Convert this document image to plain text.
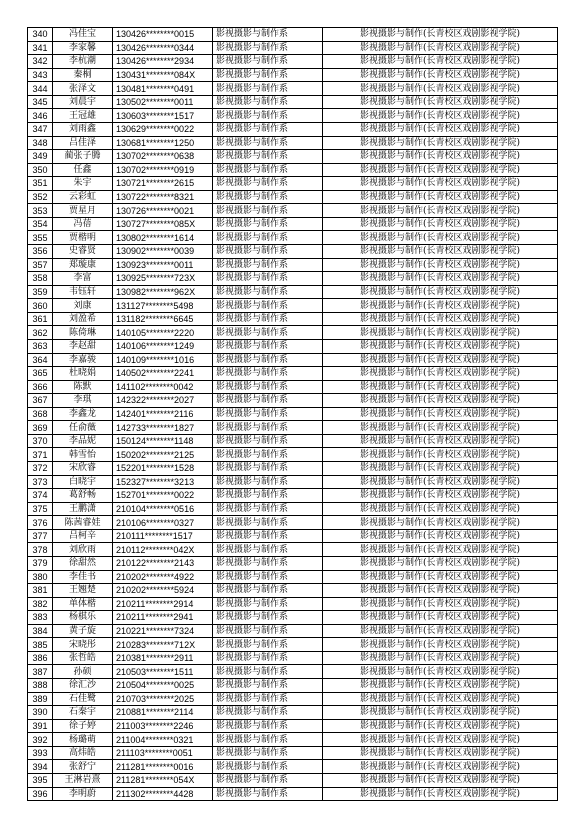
340	冯佳宝	130426********0015	影视摄影与制作系	影视摄影与制作(长青校区戏剧影视学院)
341	李家馨	130426********0344	影视摄影与制作系	影视摄影与制作(长青校区戏剧影视学院)
342	李杭潮	130426********2934	影视摄影与制作系	影视摄影与制作(长青校区戏剧影视学院)
343	秦桐	130431********084X	影视摄影与制作系	影视摄影与制作(长青校区戏剧影视学院)
344	张泽文	130481********0491	影视摄影与制作系	影视摄影与制作(长青校区戏剧影视学院)
345	刘晨宇	130502********0011	影视摄影与制作系	影视摄影与制作(长青校区戏剧影视学院)
346	王冠雄	130603********1517	影视摄影与制作系	影视摄影与制作(长青校区戏剧影视学院)
347	刘雨鑫	130629********0022	影视摄影与制作系	影视摄影与制作(长青校区戏剧影视学院)
348	吕佳泽	130681********1250	影视摄影与制作系	影视摄影与制作(长青校区戏剧影视学院)
349	蔺张子腾	130702********0638	影视摄影与制作系	影视摄影与制作(长青校区戏剧影视学院)
350	任鑫	130702********0919	影视摄影与制作系	影视摄影与制作(长青校区戏剧影视学院)
351	朱宇	130721********2615	影视摄影与制作系	影视摄影与制作(长青校区戏剧影视学院)
352	云彩虹	130722********8321	影视摄影与制作系	影视摄影与制作(长青校区戏剧影视学院)
353	贾星月	130726********0021	影视摄影与制作系	影视摄影与制作(长青校区戏剧影视学院)
354	冯蓓	130727********085X	影视摄影与制作系	影视摄影与制作(长青校区戏剧影视学院)
355	贾楷明	130802********1614	影视摄影与制作系	影视摄影与制作(长青校区戏剧影视学院)
356	史睿贤	130902********0039	影视摄影与制作系	影视摄影与制作(长青校区戏剧影视学院)
357	郑璇康	130923********0011	影视摄影与制作系	影视摄影与制作(长青校区戏剧影视学院)
358	李富	130925********723X	影视摄影与制作系	影视摄影与制作(长青校区戏剧影视学院)
359	韦钰轩	130982********962X	影视摄影与制作系	影视摄影与制作(长青校区戏剧影视学院)
360	刘康	131127********5498	影视摄影与制作系	影视摄影与制作(长青校区戏剧影视学院)
361	刘盈希	131182********6645	影视摄影与制作系	影视摄影与制作(长青校区戏剧影视学院)
362	陈倚琳	140105********2220	影视摄影与制作系	影视摄影与制作(长青校区戏剧影视学院)
363	李赵甜	140106********1249	影视摄影与制作系	影视摄影与制作(长青校区戏剧影视学院)
364	李嘉骏	140109********1016	影视摄影与制作系	影视摄影与制作(长青校区戏剧影视学院)
365	杜晓娟	140502********2241	影视摄影与制作系	影视摄影与制作(长青校区戏剧影视学院)
366	陈默	141102********0042	影视摄影与制作系	影视摄影与制作(长青校区戏剧影视学院)
367	李琪	142322********2027	影视摄影与制作系	影视摄影与制作(长青校区戏剧影视学院)
368	李鑫龙	142401********2116	影视摄影与制作系	影视摄影与制作(长青校区戏剧影视学院)
369	任俞薇	142733********1827	影视摄影与制作系	影视摄影与制作(长青校区戏剧影视学院)
370	李品妮	150124********1148	影视摄影与制作系	影视摄影与制作(长青校区戏剧影视学院)
371	韩雪怡	150202********2125	影视摄影与制作系	影视摄影与制作(长青校区戏剧影视学院)
372	宋欣睿	152201********1528	影视摄影与制作系	影视摄影与制作(长青校区戏剧影视学院)
373	白晓宇	152327********3213	影视摄影与制作系	影视摄影与制作(长青校区戏剧影视学院)
374	葛舒畅	152701********0022	影视摄影与制作系	影视摄影与制作(长青校区戏剧影视学院)
375	王鹏潇	210104********0516	影视摄影与制作系	影视摄影与制作(长青校区戏剧影视学院)
376	陈茜睿娃	210106********0327	影视摄影与制作系	影视摄影与制作(长青校区戏剧影视学院)
377	吕柯辛	210111********1517	影视摄影与制作系	影视摄影与制作(长青校区戏剧影视学院)
378	刘欣雨	210112********042X	影视摄影与制作系	影视摄影与制作(长青校区戏剧影视学院)
379	徐甜然	210122********2143	影视摄影与制作系	影视摄影与制作(长青校区戏剧影视学院)
380	李佳书	210202********4922	影视摄影与制作系	影视摄影与制作(长青校区戏剧影视学院)
381	王翘楚	210202********5924	影视摄影与制作系	影视摄影与制作(长青校区戏剧影视学院)
382	单体楷	210211********2914	影视摄影与制作系	影视摄影与制作(长青校区戏剧影视学院)
383	杨棋乐	210211********2941	影视摄影与制作系	影视摄影与制作(长青校区戏剧影视学院)
384	黄子旋	210221********7324	影视摄影与制作系	影视摄影与制作(长青校区戏剧影视学院)
385	宋晓彤	210283********712X	影视摄影与制作系	影视摄影与制作(长青校区戏剧影视学院)
386	张哲皓	210381********2911	影视摄影与制作系	影视摄影与制作(长青校区戏剧影视学院)
387	孙硕	210503********1511	影视摄影与制作系	影视摄影与制作(长青校区戏剧影视学院)
388	徐汇沙	210504********0025	影视摄影与制作系	影视摄影与制作(长青校区戏剧影视学院)
389	石佳鹭	210703********2025	影视摄影与制作系	影视摄影与制作(长青校区戏剧影视学院)
390	石秦宇	210881********2114	影视摄影与制作系	影视摄影与制作(长青校区戏剧影视学院)
391	徐子婷	211003********2246	影视摄影与制作系	影视摄影与制作(长青校区戏剧影视学院)
392	杨璐萌	211004********0321	影视摄影与制作系	影视摄影与制作(长青校区戏剧影视学院)
393	高炜皓	211103********0051	影视摄影与制作系	影视摄影与制作(长青校区戏剧影视学院)
394	张舒宁	211281********0016	影视摄影与制作系	影视摄影与制作(长青校区戏剧影视学院)
395	王淋岩熹	211281********054X	影视摄影与制作系	影视摄影与制作(长青校区戏剧影视学院)
396	李明蔚	211302********4428	影视摄影与制作系	影视摄影与制作(长青校区戏剧影视学院)
